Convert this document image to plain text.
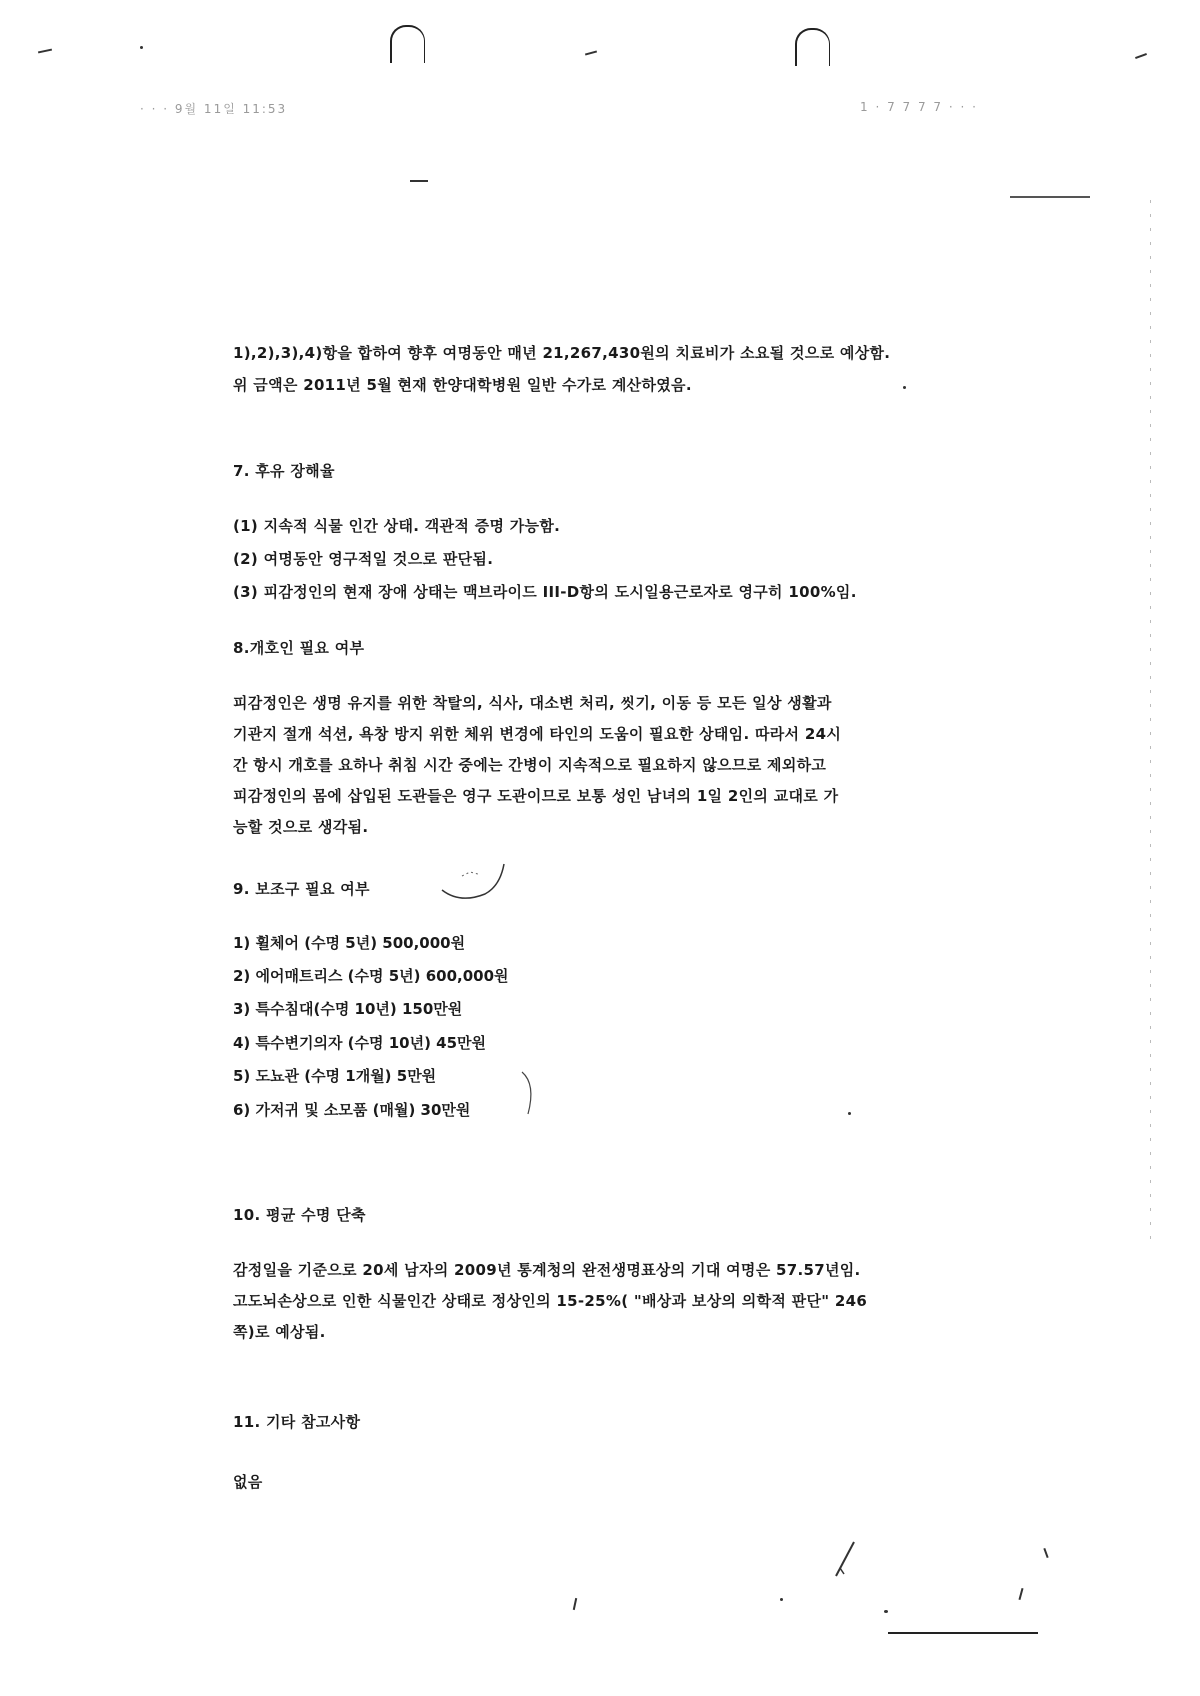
· · · 9월 11일 11:53	1 · 7 7 7 7 · · ·
1),2),3),4)항을 합하여 향후 여명동안 매년 21,267,430원의 치료비가 소요될 것으로 예상함.
위 금액은 2011년 5월 현재 한양대학병원 일반 수가로 계산하였음.
7. 후유 장해율
(1) 지속적 식물 인간 상태. 객관적 증명 가능함.
(2) 여명동안 영구적일 것으로 판단됨.
(3) 피감정인의 현재 장애 상태는 맥브라이드 III-D항의 도시일용근로자로 영구히 100%임.
8.개호인 필요 여부

피감정인은 생명 유지를 위한 착탈의, 식사, 대소변 처리, 씻기, 이동 등 모든 일상 생활과

기관지 절개 석션, 욕창 방지 위한 체위 변경에 타인의 도움이 필요한 상태임. 따라서 24시

간 항시 개호를 요하나 취침 시간 중에는 간병이 지속적으로 필요하지 않으므로 제외하고

피감정인의 몸에 삽입된 도관들은 영구 도관이므로 보통 성인 남녀의 1일 2인의 교대로 가

능할 것으로 생각됨.

9. 보조구 필요 여부
1) 휠체어 (수명 5년) 500,000원
2) 에어매트리스 (수명 5년) 600,000원
3) 특수침대(수명 10년) 150만원
4) 특수변기의자 (수명 10년) 45만원
5) 도뇨관 (수명 1개월) 5만원
6) 가저귀 및 소모품 (매월) 30만원
10. 평균 수명 단축

감정일을 기준으로 20세 남자의 2009년 통계청의 완전생명표상의 기대 여명은 57.57년임.

고도뇌손상으로 인한 식물인간 상태로 정상인의 15-25%( "배상과 보상의 의학적 판단" 246

쪽)로 예상됨.

11. 기타 참고사항
없음
